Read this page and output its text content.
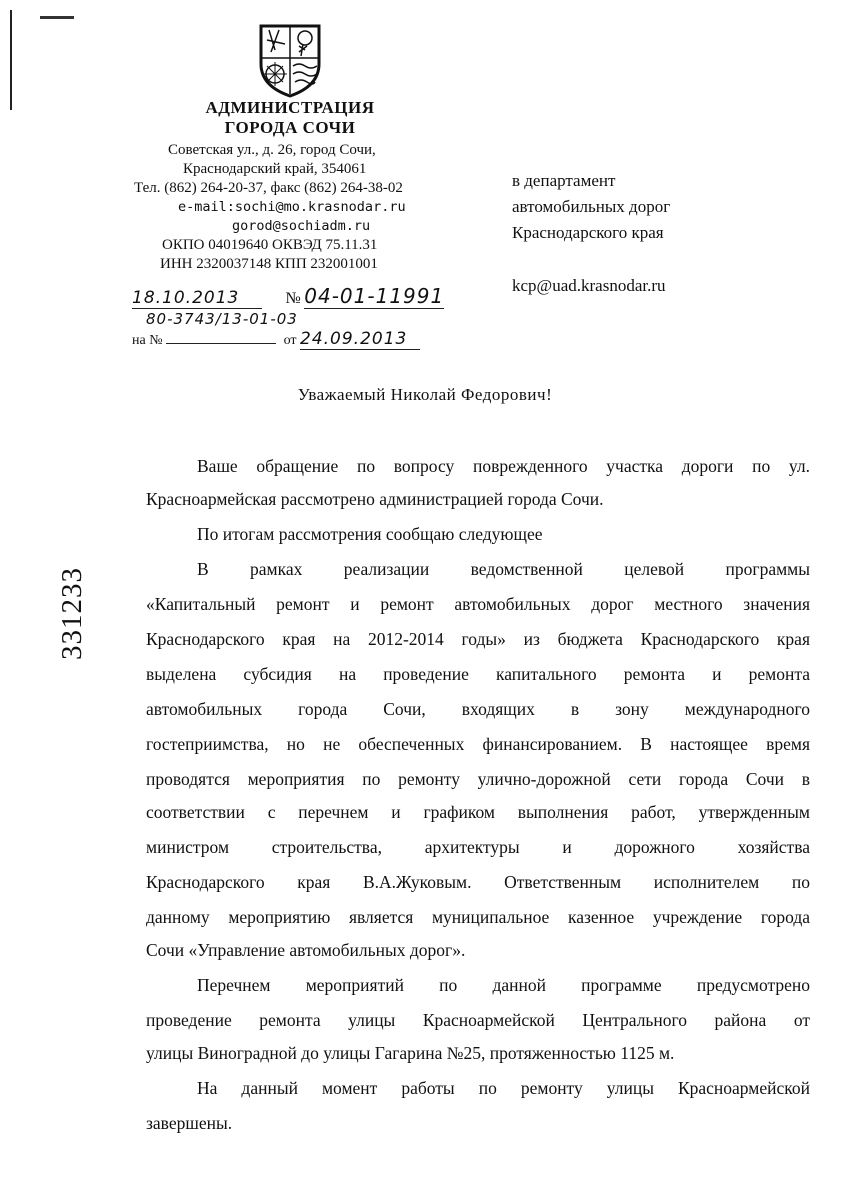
АДМИНИСТРАЦИЯ
ГОРОДА СОЧИ
Советская ул., д. 26, город Сочи,
Краснодарский край, 354061
Тел. (862) 264-20-37, факс (862) 264-38-02
e-mail:sochi@mo.krasnodar.ru
gorod@sochiadm.ru
ОКПО 04019640 ОКВЭД 75.11.31
ИНН 2320037148 КПП 232001001
в департамент
автомобильных дорог
Краснодарского края
kcp@uad.krasnodar.ru
18.10.2013	№ 04-01-11991
80-3743/13-01-03
на №	от 24.09.2013
331233
Уважаемый Николай Федорович!
Ваше обращение по вопросу поврежденного участка дороги по ул.
Красноармейская рассмотрено администрацией города Сочи.
По итогам рассмотрения сообщаю следующее
В рамках реализации ведомственной целевой программы
«Капитальный ремонт и ремонт автомобильных дорог местного значения
Краснодарского края на 2012-2014 годы» из бюджета Краснодарского края
выделена субсидия на проведение капитального ремонта и ремонта
автомобильных города Сочи, входящих в зону международного
гостеприимства, но не обеспеченных финансированием. В настоящее время
проводятся мероприятия по ремонту улично-дорожной сети города Сочи в
соответствии с перечнем и графиком выполнения работ, утвержденным
министром строительства, архитектуры и дорожного хозяйства
Краснодарского края В.А.Жуковым. Ответственным исполнителем по
данному мероприятию является муниципальное казенное учреждение города
Сочи «Управление автомобильных дорог».
Перечнем мероприятий по данной программе предусмотрено
проведение ремонта улицы Красноармейской Центрального района от
улицы Виноградной до улицы Гагарина №25, протяженностью 1125 м.
На данный момент работы по ремонту улицы Красноармейской
завершены.
